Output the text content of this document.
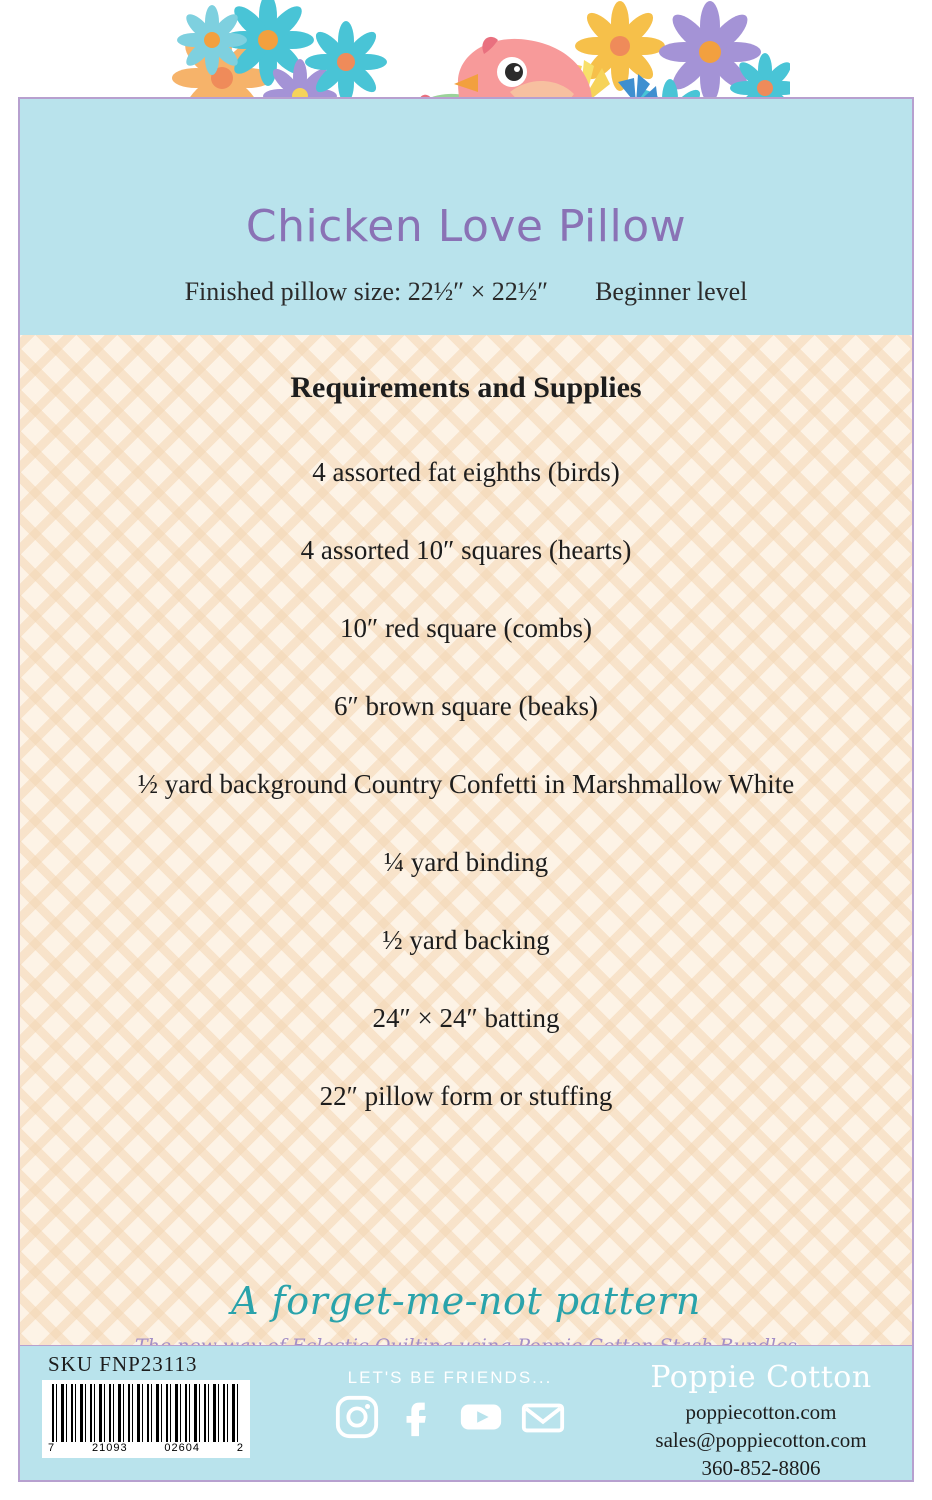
Chicken Love Pillow
Finished pillow size: 22½″ × 22½″ Beginner level
Requirements and Supplies
4 assorted fat eighths (birds)
4 assorted 10″ squares (hearts)
10″ red square (combs)
6″ brown square (beaks)
½ yard background Country Confetti in Marshmallow White
¼ yard binding
½ yard backing
24″ × 24″ batting
22″ pillow form or stuffing
A forget-me-not pattern
SKU FNP23113
7	21093	02604	2
LET'S BE FRIENDS...	Poppie Cotton
poppiecotton.com
sales@poppiecotton.com
360-852-8806
